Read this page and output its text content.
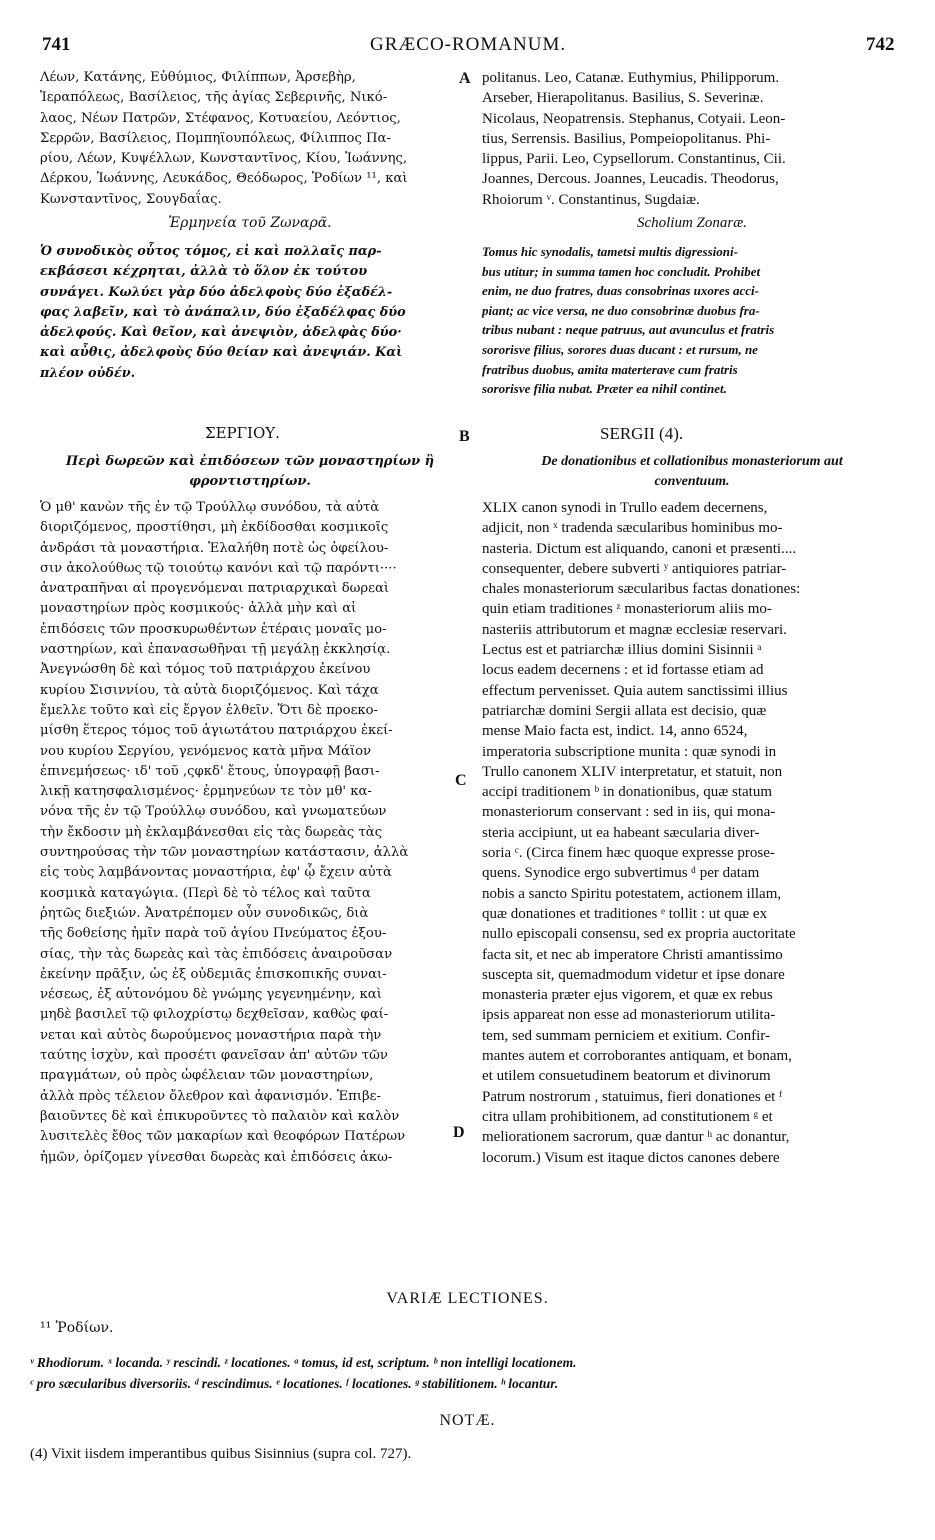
741	GRÆCO-ROMANUM.	742
A
B
C
D

Λέων, Κατάνης, Εὐθύμιος, Φιλίππων, Ἀρσεβὴρ,

Ἱεραπόλεως, Βασίλειος, τῆς ἁγίας Σεβερινῆς, Νικό-

λαος, Νέων Πατρῶν, Στέφανος, Κοτυαείου, Λεόντιος,

Σερρῶν, Βασίλειος, Πομπηϊουπόλεως, Φίλιππος Πα-

ρίου, Λέων, Κυψέλλων, Κωνσταντῖνος, Κίου, Ἰωάννης,

Δέρκου, Ἰωάννης, Λευκάδος, Θεόδωρος, Ῥοδίων ¹¹, καὶ

Κωνσταντῖνος, Σουγδαΐας.

Ἑρμηνεία τοῦ Ζωναρᾶ.

Ὁ συνοδικὸς οὗτος τόμος, εἰ καὶ πολλαῖς παρ-

εκβάσεσι κέχρηται, ἀλλὰ τὸ ὅλον ἐκ τούτου

συνάγει. Κωλύει γὰρ δύο ἀδελφοὺς δύο ἐξαδέλ-

φας λαβεῖν, καὶ τὸ ἀνάπαλιν, δύο ἐξαδέλφας δύο

ἀδελφούς. Καὶ θεῖον, καὶ ἀνεψιὸν, ἀδελφὰς δύο·

καὶ αὖθις, ἀδελφοὺς δύο θείαν καὶ ἀνεψιάν. Καὶ

πλέον οὐδέν.

ΣΕΡΓΙΟΥ.

Περὶ δωρεῶν καὶ ἐπιδόσεων τῶν μοναστηρίων ἢ

φροντιστηρίων.

Ὁ μθ' κανὼν τῆς ἐν τῷ Τρούλλῳ συνόδου, τὰ αὐτὰ

διοριζόμενος, προστίθησι, μὴ ἐκδίδοσθαι κοσμικοῖς

ἀνδράσι τὰ μοναστήρια. Ἐλαλήθη ποτὲ ὡς ὀφείλου-

σιν ἀκολούθως τῷ τοιούτῳ κανόνι καὶ τῷ παρόντι····

ἀνατραπῆναι αἱ προγενόμεναι πατριαρχικαὶ δωρεαὶ

μοναστηρίων πρὸς κοσμικούς· ἀλλὰ μὴν καὶ αἱ

ἐπιδόσεις τῶν προσκυρωθέντων ἑτέραις μοναῖς μο-

ναστηρίων, καὶ ἐπανασωθῆναι τῇ μεγάλῃ ἐκκλησίᾳ.

Ἀνεγνώσθη δὲ καὶ τόμος τοῦ πατριάρχου ἐκείνου

κυρίου Σισιννίου, τὰ αὐτὰ διοριζόμενος. Καὶ τάχα

ἔμελλε τοῦτο καὶ εἰς ἔργον ἐλθεῖν. Ὅτι δὲ προεκο-

μίσθη ἕτερος τόμος τοῦ ἁγιωτάτου πατριάρχου ἐκεί-

νου κυρίου Σεργίου, γενόμενος κατὰ μῆνα Μάϊον

ἐπινεμήσεως· ιδ' τοῦ ,ςφκδ' ἔτους, ὑπογραφῇ βασι-

λικῇ κατησφαλισμένος· ἑρμηνεύων τε τὸν μθ' κα-

νόνα τῆς ἐν τῷ Τρούλλῳ συνόδου, καὶ γνωματεύων

τὴν ἔκδοσιν μὴ ἐκλαμβάνεσθαι εἰς τὰς δωρεὰς τὰς

συντηρούσας τὴν τῶν μοναστηρίων κατάστασιν, ἀλλὰ

εἰς τοὺς λαμβάνοντας μοναστήρια, ἐφ' ᾧ ἔχειν αὐτὰ

κοσμικὰ καταγώγια. (Περὶ δὲ τὸ τέλος καὶ ταῦτα

ῥητῶς διεξιών. Ἀνατρέπομεν οὖν συνοδικῶς, διὰ

τῆς δοθείσης ἡμῖν παρὰ τοῦ ἁγίου Πνεύματος ἐξου-

σίας, τὴν τὰς δωρεὰς καὶ τὰς ἐπιδόσεις ἀναιροῦσαν

ἐκείνην πρᾶξιν, ὡς ἐξ οὐδεμιᾶς ἐπισκοπικῆς συναι-

νέσεως, ἐξ αὐτονόμου δὲ γνώμης γεγενημένην, καὶ

μηδὲ βασιλεῖ τῷ φιλοχρίστῳ δεχθεῖσαν, καθὼς φαί-

νεται καὶ αὐτὸς δωρούμενος μοναστήρια παρὰ τὴν

ταύτης ἰσχὺν, καὶ προσέτι φανεῖσαν ἀπ' αὐτῶν τῶν

πραγμάτων, οὐ πρὸς ὠφέλειαν τῶν μοναστηρίων,

ἀλλὰ πρὸς τέλειον ὄλεθρον καὶ ἀφανισμόν. Ἐπιβε-

βαιοῦντες δὲ καὶ ἐπικυροῦντες τὸ παλαιὸν καὶ καλὸν

λυσιτελὲς ἔθος τῶν μακαρίων καὶ θεοφόρων Πατέρων

ἡμῶν, ὁρίζομεν γίνεσθαι δωρεὰς καὶ ἐπιδόσεις ἀκω-

politanus. Leo, Catanæ. Euthymius, Philipporum.

Arseber, Hierapolitanus. Basilius, S. Severinæ.

Nicolaus, Neopatrensis. Stephanus, Cotyaii. Leon-

tius, Serrensis. Basilius, Pompeiopolitanus. Phi-

lippus, Parii. Leo, Cypsellorum. Constantinus, Cii.

Joannes, Dercous. Joannes, Leucadis. Theodorus,

Rhoiorum ᵛ. Constantinus, Sugdaiæ.

Scholium Zonaræ.

Tomus hic synodalis, tametsi multis digressioni-

bus utitur; in summa tamen hoc concludit. Prohibet

enim, ne duo fratres, duas consobrinas uxores acci-

piant; ac vice versa, ne duo consobrinæ duobus fra-

tribus nubant : neque patruus, aut avunculus et fratris

sororisve filius, sorores duas ducant : et rursum, ne

fratribus duobus, amita materterave cum fratris

sororisve filia nubat. Præter ea nihil continet.

SERGII (4).

De donationibus et collationibus monasteriorum aut

conventuum.

XLIX canon synodi in Trullo eadem decernens,

adjicit, non ˣ tradenda sæcularibus hominibus mo-

nasteria. Dictum est aliquando, canoni et præsenti....

consequenter, debere subverti ʸ antiquiores patriar-

chales monasteriorum sæcularibus factas donationes:

quin etiam traditiones ᶻ monasteriorum aliis mo-

nasteriis attributorum et magnæ ecclesiæ reservari.

Lectus est et patriarchæ illius domini Sisinnii ᵃ

locus eadem decernens : et id fortasse etiam ad

effectum pervenisset. Quia autem sanctissimi illius

patriarchæ domini Sergii allata est decisio, quæ

mense Maio facta est, indict. 14, anno 6524,

imperatoria subscriptione munita : quæ synodi in

Trullo canonem XLIV interpretatur, et statuit, non

accipi traditionem ᵇ in donationibus, quæ statum

monasteriorum conservant : sed in iis, qui mona-

steria accipiunt, ut ea habeant sæcularia diver-

soria ᶜ. (Circa finem hæc quoque expresse prose-

quens. Synodice ergo subvertimus ᵈ per datam

nobis a sancto Spiritu potestatem, actionem illam,

quæ donationes et traditiones ᵉ tollit : ut quæ ex

nullo episcopali consensu, sed ex propria auctoritate

facta sit, et nec ab imperatore Christi amantissimo

suscepta sit, quemadmodum videtur et ipse donare

monasteria præter ejus vigorem, et quæ ex rebus

ipsis appareat non esse ad monasteriorum utilita-

tem, sed summam perniciem et exitium. Confir-

mantes autem et corroborantes antiquam, et bonam,

et utilem consuetudinem beatorum et divinorum

Patrum nostrorum , statuimus, fieri donationes et ᶠ

citra ullam prohibitionem, ad constitutionem ᵍ et

meliorationem sacrorum, quæ dantur ʰ ac donantur,

locorum.) Visum est itaque dictos canones debere

VARIÆ LECTIONES.
¹¹ Ῥοδίων.
ᵛ Rhodiorum. ˣ locanda. ʸ rescindi. ᶻ locationes. ᵃ tomus, id est, scriptum. ᵇ non intelligi locationem.
ᶜ pro sæcularibus diversoriis. ᵈ rescindimus. ᵉ locationes. ᶠ locationes. ᵍ stabilitionem. ʰ locantur.
NOTÆ.
(4) Vixit iisdem imperantibus quibus Sisinnius (supra col. 727).
